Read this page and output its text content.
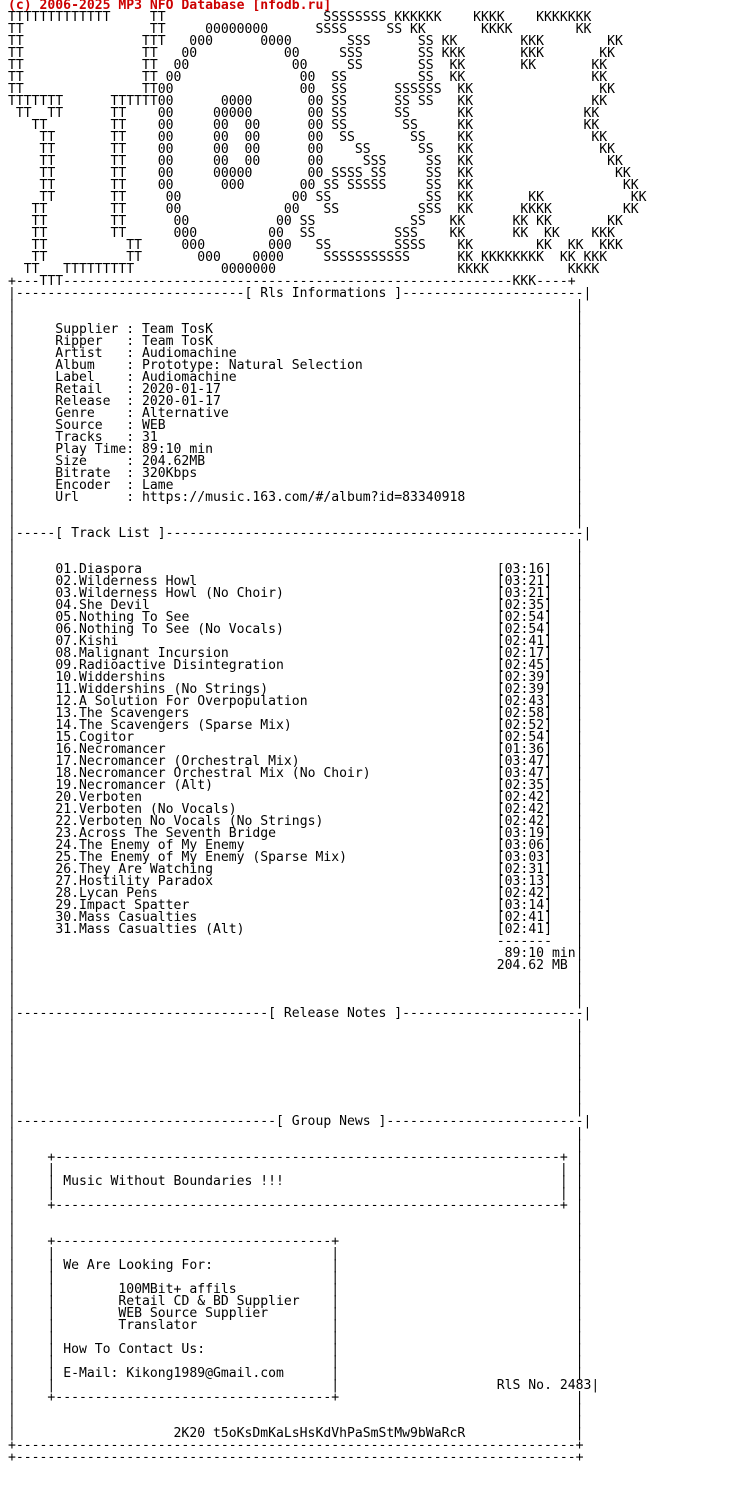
(c) 2006-2025 MP3 NFO Database [nfodb.ru]
TTTTTTTTTTTTT     TT                    SSSSSSSS KKKKKK    KKKK    KKKKKKK
TT                TT     00000000      SSSS     SS KK       KKKK        KK
TT               TTT   000      0000       SSS      SS KK        KKK        KK
TT               TT   00           00     SSS       SS KKK       KKK       KK
TT               TT  00             00     SS       SS  KK       KK       KK
TT               TT 00               00  SS         SS  KK                KK
TT               TT00                00  SS      SSSSSS  KK                KK
TTTTTTT      TTTTTT00      0000       00 SS      SS SS   KK               KK
TT  TT      TT    00     00000       00 SS      SS      KK              KK
TT        TT    00     00  00      00 SS       SS     KK              KK
TT       TT    00     00  00      00  SS       SS    KK               KK
TT       TT    00     00  00      00    SS      SS   KK                KK
TT       TT    00     00  00      00     SSS     SS  KK                 KK
TT       TT    00     00000       00 SSSS SS     SS  KK                  KK
TT       TT    00      000       00 SS SSSSS     SS  KK                   KK
TT       TT     00              00 SS            SS  KK       KK           KK
TT        TT     00             00   SS          SSS  KK      KKKK         KK
TT        TT      00           00 SS            SS   KK      KK KK       KK
TT        TT      000         00  SS          SSS    KK      KK  KK    KKK
TT          TT     000        000   SS        SSSS    KK        KK  KK  KKK
TT          TT       000    0000     SSSSSSSSSSS      KK KKKKKKKK  KK KKK
TT   TTTTTTTTT           0000000                       KKKK          KKKK
+---TTT---------------------------------------------------------KKK----+
|-----------------------------[ Rls Informations ]-----------------------|
|                                                                       |
|                                                                       |
|     Supplier : Team TosK                                              |
|     Ripper   : Team TosK                                              |
|     Artist   : Audiomachine                                           |
|     Album    : Prototype: Natural Selection                           |
|     Label    : Audiomachine                                           |
|     Retail   : 2020-01-17                                             |
|     Release  : 2020-01-17                                             |
|     Genre    : Alternative                                            |
|     Source   : WEB                                                    |
|     Tracks   : 31                                                     |
|     Play Time: 89:10 min                                              |
|     Size     : 204.62MB                                               |
|     Bitrate  : 320Kbps                                                |
|     Encoder  : Lame                                                   |
|     Url      : https://music.163.com/#/album?id=83340918              |
|                                                                       |
|                                                                       |
|-----[ Track List ]-----------------------------------------------------|
|                                                                       |
|                                                                       |
|     01.Diaspora	[03:16]   |
|     02.Wilderness Howl	[03:21]   |
|     03.Wilderness Howl (No Choir)	[03:21]   |
|     04.She Devil	[02:35]   |
|     05.Nothing To See	[02:54]   |
|     06.Nothing To See (No Vocals)	[02:54]   |
|     07.Kishi	[02:41]   |
|     08.Malignant Incursion	[02:17]   |
|     09.Radioactive Disintegration	[02:45]   |
|     10.Widdershins	[02:39]   |
|     11.Widdershins (No Strings)	[02:39]   |
|     12.A Solution For Overpopulation	[02:43]   |
|     13.The Scavengers	[02:58]   |
|     14.The Scavengers (Sparse Mix)	[02:52]   |
|     15.Cogitor	[02:54]   |
|     16.Necromancer	[01:36]   |
|     17.Necromancer (Orchestral Mix)	[03:47]   |
|     18.Necromancer Orchestral Mix (No Choir)	[03:47]   |
|     19.Necromancer (Alt)	[02:35]   |
|     20.Verboten	[02:42]   |
|     21.Verboten (No Vocals)	[02:42]   |
|     22.Verboten No Vocals (No Strings)	[02:42]   |
|     23.Across The Seventh Bridge	[03:19]   |
|     24.The Enemy of My Enemy	[03:06]   |
|     25.The Enemy of My Enemy (Sparse Mix)	[03:03]   |
|     26.They Are Watching	[02:31]   |
|     27.Hostility Paradox	[03:13]   |
|     28.Lycan Pens	[02:42]   |
|     29.Impact Spatter	[03:14]   |
|     30.Mass Casualties	[02:41]   |
|     31.Mass Casualties (Alt)	[02:41]   |
|                                                             -------   |
|                                                              89:10 min|
|                                                             204.62 MB |
|                                                                       |
|                                                                       |
|                                                                       |
|--------------------------------[ Release Notes ]-----------------------|
|                                                                       |
|                                                                       |
|                                                                       |
|                                                                       |
|                                                                       |
|                                                                       |
|                                                                       |
|                                                                       |
|---------------------------------[ Group News ]-------------------------|
|                                                                       |
|                                                                       |
|    +----------------------------------------------------------------+ |
|    |                                                                | |
|    | Music Without Boundaries !!!                                   | |
|    |                                                                | |
|    +----------------------------------------------------------------+ |
|                                                                       |
|                                                                       |
|    +-----------------------------------+                              |
|    |                                   |                              |
|    | We Are Looking For:               |                              |
|    |                                   |                              |
|    |        100MBit+ affils            |                              |
|    |        Retail CD & BD Supplier    |                              |
|    |        WEB Source Supplier        |                              |
|    |        Translator                 |                              |
|    |                                   |                              |
|    | How To Contact Us:                |                              |
|    |                                   |                              |
|    | E-Mail: Kikong1989@Gmail.com      |                              |
|    |                                   |	RlS No. 2483|
|    +-----------------------------------+                              |
|                                                                       |
|                                                                       |
|                    2K20 t5oKsDmKaLsHsKdVhPaSmStMw9bWaRcR              |
+-----------------------------------------------------------------------+
+-----------------------------------------------------------------------+
